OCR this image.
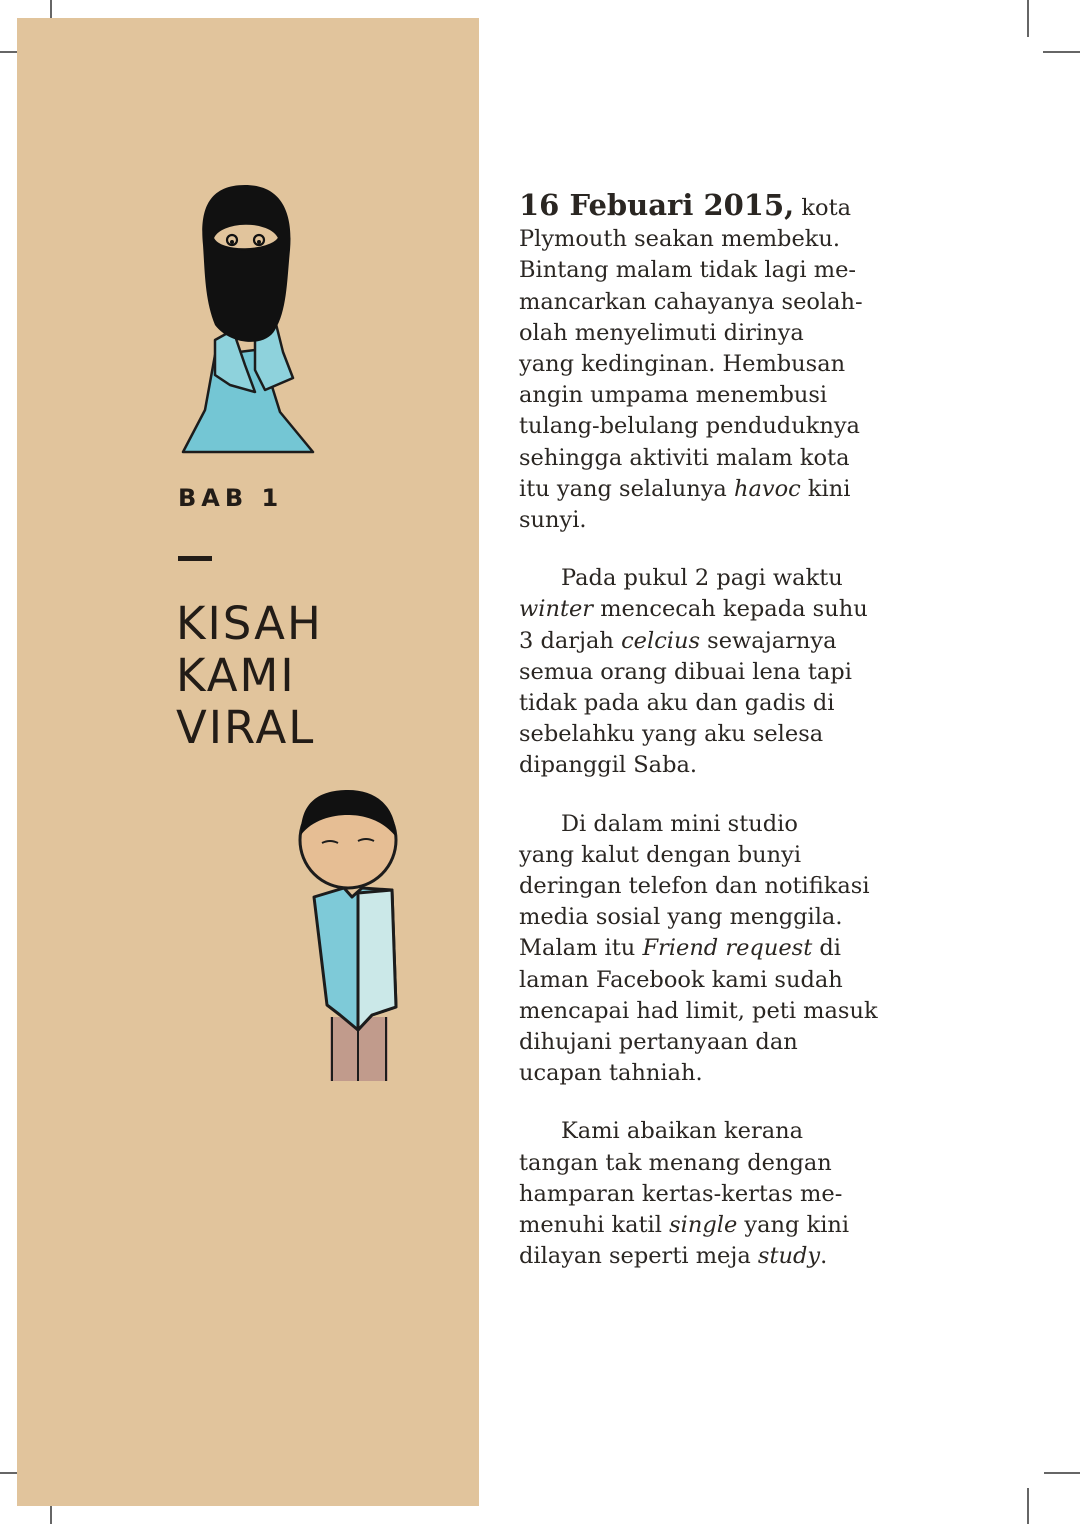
BAB 1
KISAH
KAMI
VIRAL

16 Febuari 2015, kota
Plymouth seakan membeku.
Bintang malam tidak lagi me-
mancarkan cahayanya seolah-
olah menyelimuti dirinya
yang kedinginan. Hembusan
angin umpama menembusi
tulang-belulang penduduknya
sehingga aktiviti malam kota
itu yang selalunya havoc kini
sunyi.

Pada pukul 2 pagi waktu
winter mencecah kepada suhu
3 darjah celcius sewajarnya
semua orang dibuai lena tapi
tidak pada aku dan gadis di
sebelahku yang aku selesa
dipanggil Saba.

Di dalam mini studio
yang kalut dengan bunyi
deringan telefon dan notifikasi
media sosial yang menggila.
Malam itu Friend request di
laman Facebook kami sudah
mencapai had limit, peti masuk
dihujani pertanyaan dan
ucapan tahniah.

Kami abaikan kerana
tangan tak menang dengan
hamparan kertas-kertas me-
menuhi katil single yang kini
dilayan seperti meja study.
